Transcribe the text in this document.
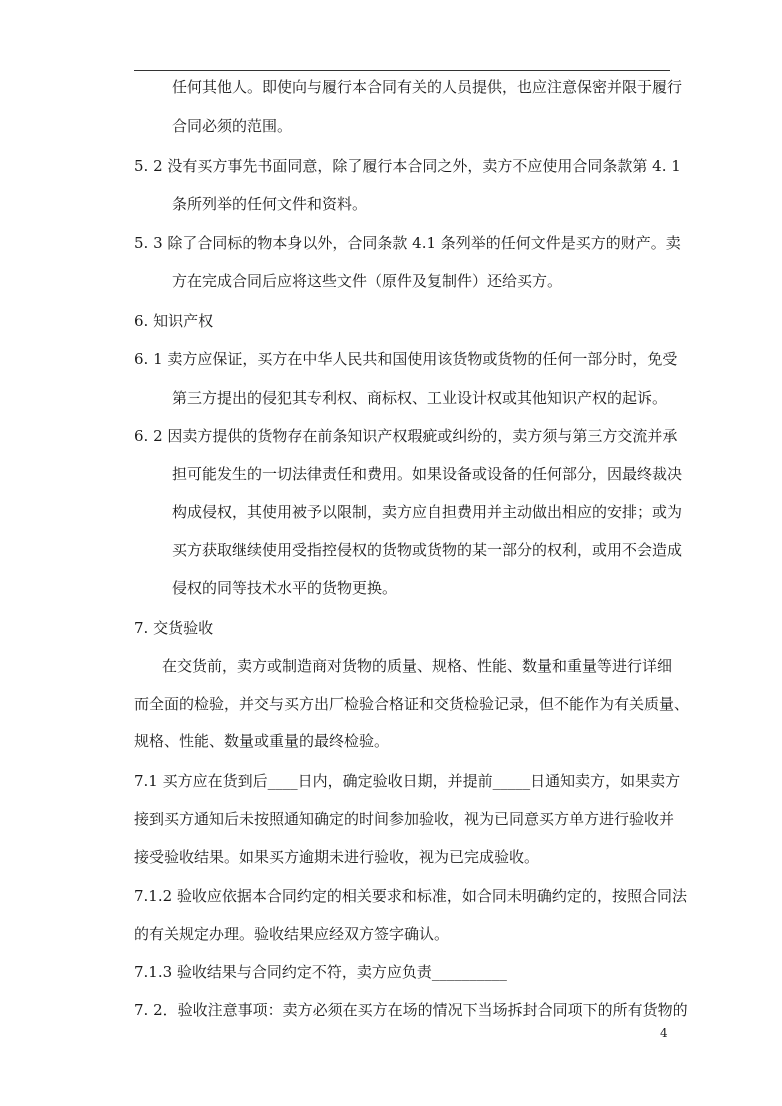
任何其他人。即使向与履行本合同有关的人员提供，也应注意保密并限于履行
合同必须的范围。
5. 2 没有买方事先书面同意，除了履行本合同之外，卖方不应使用合同条款第 4. 1
条所列举的任何文件和资料。
5. 3 除了合同标的物本身以外，合同条款 4.1 条列举的任何文件是买方的财产。卖
方在完成合同后应将这些文件（原件及复制件）还给买方。
6. 知识产权
6. 1 卖方应保证，买方在中华人民共和国使用该货物或货物的任何一部分时，免受
第三方提出的侵犯其专利权、商标权、工业设计权或其他知识产权的起诉。
6. 2 因卖方提供的货物存在前条知识产权瑕疵或纠纷的，卖方须与第三方交流并承
担可能发生的一切法律责任和费用。如果设备或设备的任何部分，因最终裁决
构成侵权，其使用被予以限制，卖方应自担费用并主动做出相应的安排；或为
买方获取继续使用受指控侵权的货物或货物的某一部分的权利，或用不会造成
侵权的同等技术水平的货物更换。
7. 交货验收
在交货前，卖方或制造商对货物的质量、规格、性能、数量和重量等进行详细
而全面的检验，并交与买方出厂检验合格证和交货检验记录，但不能作为有关质量、
规格、性能、数量或重量的最终检验。
7.1 买方应在货到后____日内，确定验收日期，并提前_____日通知卖方，如果卖方
接到买方通知后未按照通知确定的时间参加验收，视为已同意买方单方进行验收并
接受验收结果。如果买方逾期未进行验收，视为已完成验收。
7.1.2 验收应依据本合同约定的相关要求和标准，如合同未明确约定的，按照合同法
的有关规定办理。验收结果应经双方签字确认。
7.1.3 验收结果与合同约定不符，卖方应负责__________
7. 2．验收注意事项：卖方必须在买方在场的情况下当场拆封合同项下的所有货物的
4
